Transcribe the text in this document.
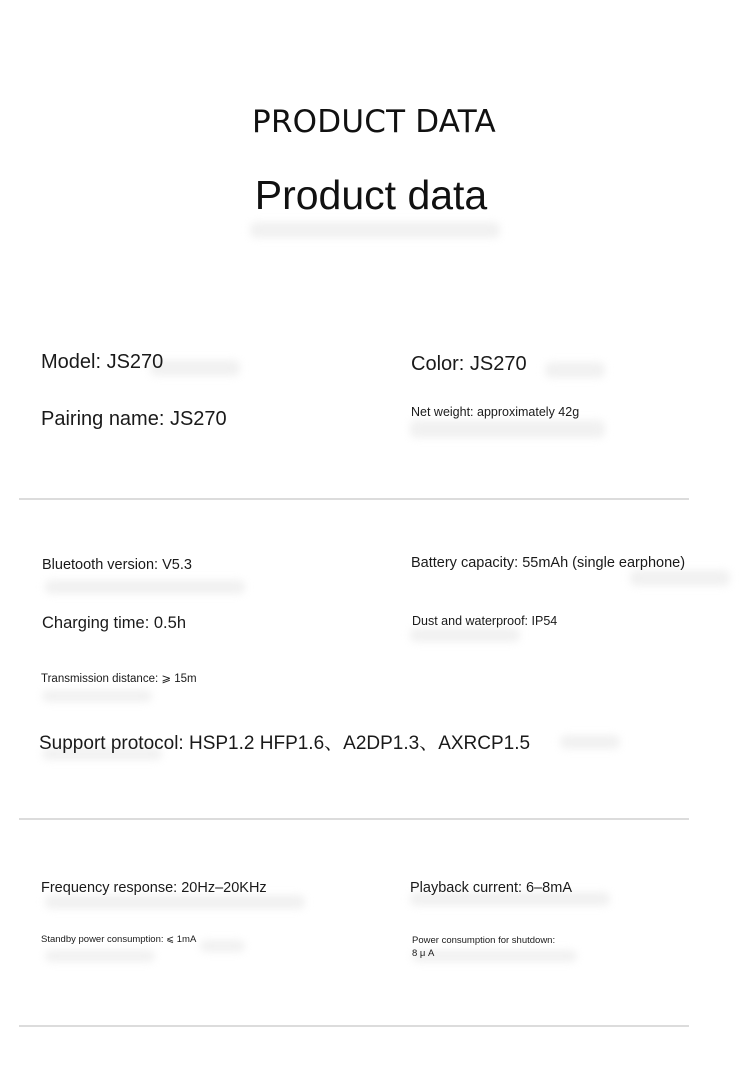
PRODUCT DATA
Product data
Model: JS270	Color: JS270
Pairing name: JS270	Net weight: approximately 42g
Bluetooth version: V5.3	Battery capacity: 55mAh (single earphone)
Charging time: 0.5h	Dust and waterproof: IP54
Transmission distance: ⩾ 15m
Support protocol: HSP1.2 HFP1.6、A2DP1.3、AXRCP1.5
Frequency response: 20Hz–20KHz	Playback current: 6–8mA
Standby power consumption: ⩽ 1mA	Power consumption for shutdown:
8 μ A
